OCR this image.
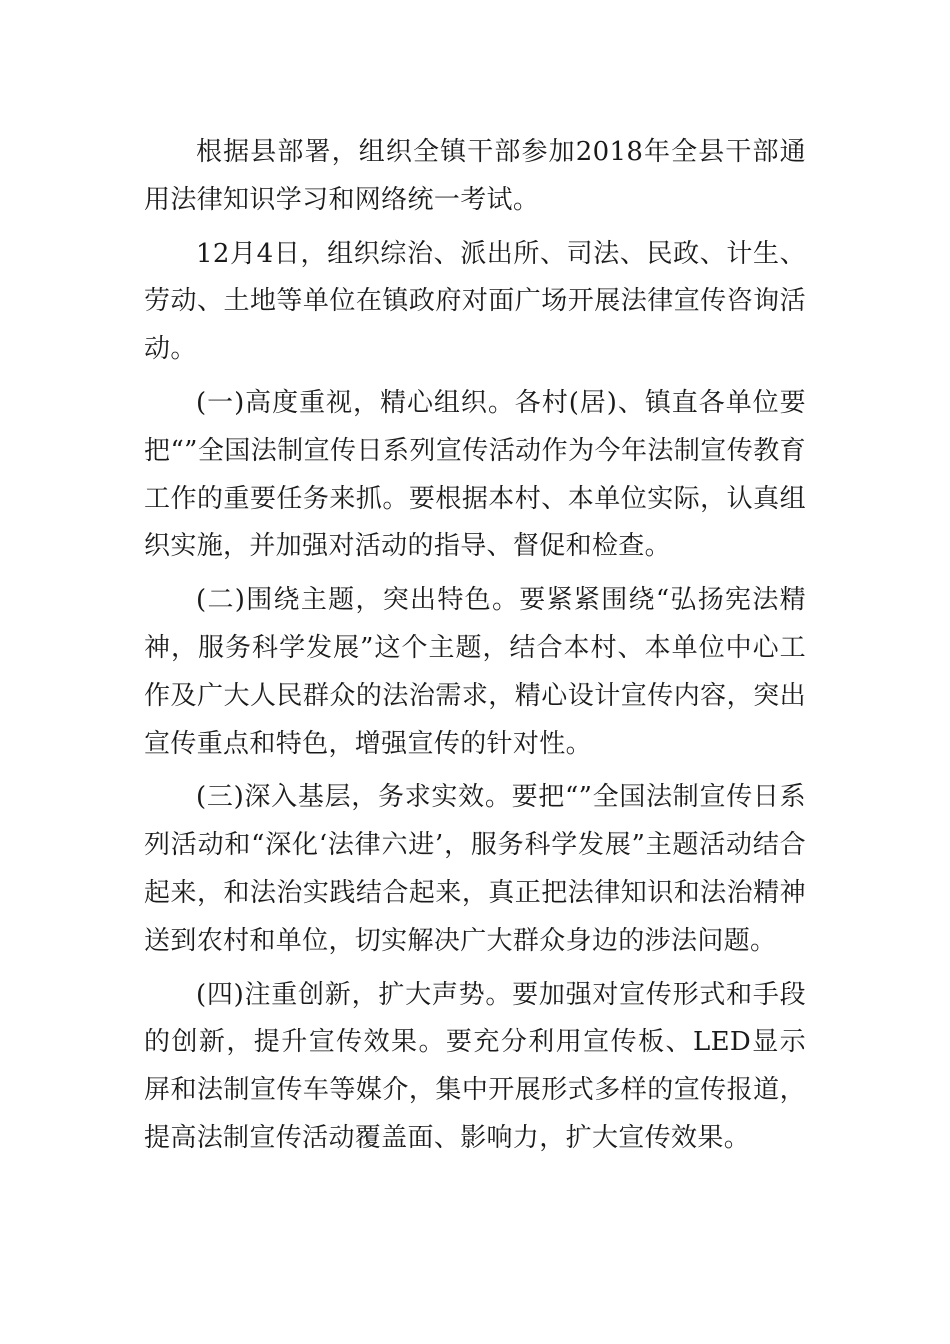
根据县部署，组织全镇干部参加2018年全县干部通用法律知识学习和网络统一考试。

12月4日，组织综治、派出所、司法、民政、计生、劳动、土地等单位在镇政府对面广场开展法律宣传咨询活动。

(一)高度重视，精心组织。各村(居)、镇直各单位要把“”全国法制宣传日系列宣传活动作为今年法制宣传教育工作的重要任务来抓。要根据本村、本单位实际，认真组织实施，并加强对活动的指导、督促和检查。

(二)围绕主题，突出特色。要紧紧围绕“弘扬宪法精神，服务科学发展”这个主题，结合本村、本单位中心工作及广大人民群众的法治需求，精心设计宣传内容，突出宣传重点和特色，增强宣传的针对性。

(三)深入基层，务求实效。要把“”全国法制宣传日系列活动和“深化‘法律六进’，服务科学发展”主题活动结合起来，和法治实践结合起来，真正把法律知识和法治精神送到农村和单位，切实解决广大群众身边的涉法问题。

(四)注重创新，扩大声势。要加强对宣传形式和手段的创新，提升宣传效果。要充分利用宣传板、LED显示屏和法制宣传车等媒介，集中开展形式多样的宣传报道，提高法制宣传活动覆盖面、影响力，扩大宣传效果。
